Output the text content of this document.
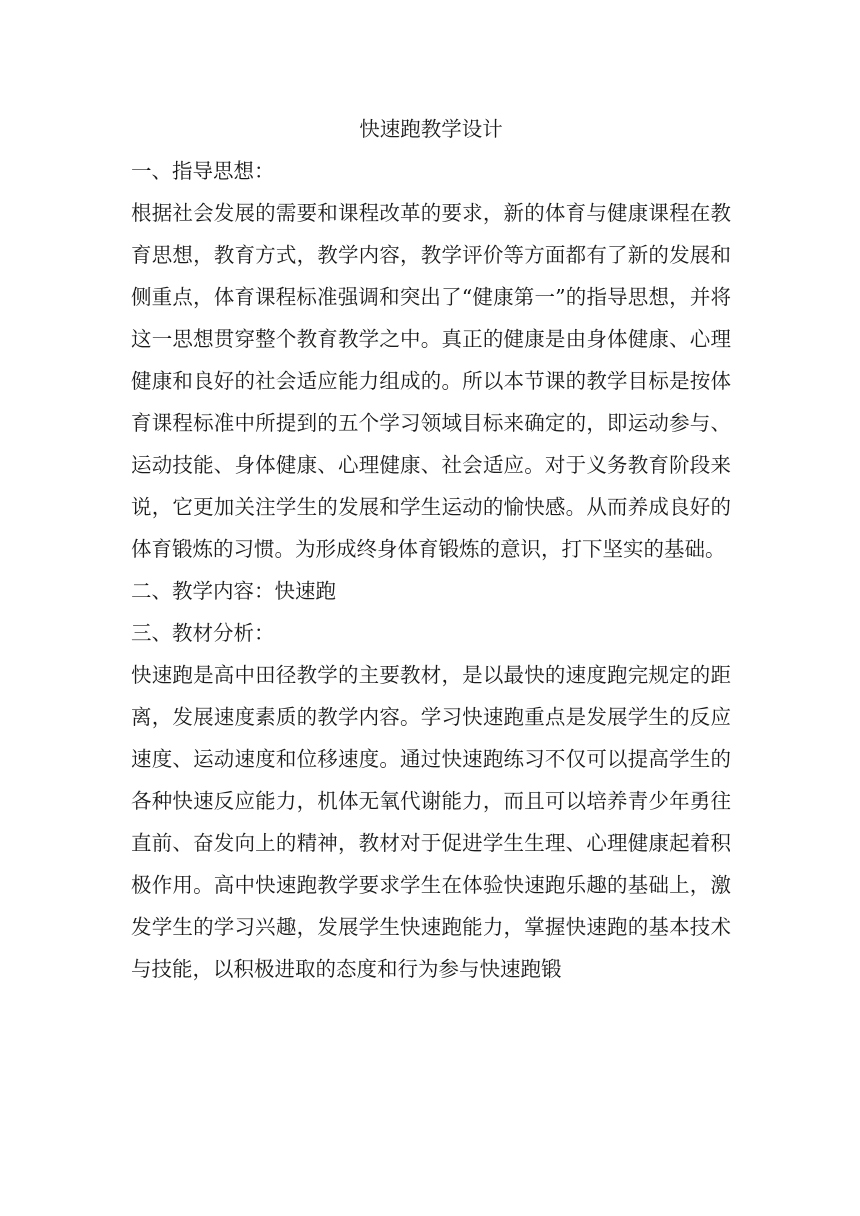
快速跑教学设计
一、指导思想：

根据社会发展的需要和课程改革的要求，新的体育与健康课程在教育思想，教育方式，教学内容，教学评价等方面都有了新的发展和侧重点，体育课程标准强调和突出了“健康第一”的指导思想，并将这一思想贯穿整个教育教学之中。真正的健康是由身体健康、心理健康和良好的社会适应能力组成的。所以本节课的教学目标是按体育课程标准中所提到的五个学习领域目标来确定的，即运动参与、运动技能、身体健康、心理健康、社会适应。对于义务教育阶段来说，它更加关注学生的发展和学生运动的愉快感。从而养成良好的体育锻炼的习惯。为形成终身体育锻炼的意识，打下坚实的基础。

二、教学内容：快速跑
三、教材分析：

快速跑是高中田径教学的主要教材，是以最快的速度跑完规定的距离，发展速度素质的教学内容。学习快速跑重点是发展学生的反应速度、运动速度和位移速度。通过快速跑练习不仅可以提高学生的各种快速反应能力，机体无氧代谢能力，而且可以培养青少年勇往直前、奋发向上的精神，教材对于促进学生生理、心理健康起着积极作用。高中快速跑教学要求学生在体验快速跑乐趣的基础上，激发学生的学习兴趣，发展学生快速跑能力，掌握快速跑的基本技术与技能，以积极进取的态度和行为参与快速跑锻
